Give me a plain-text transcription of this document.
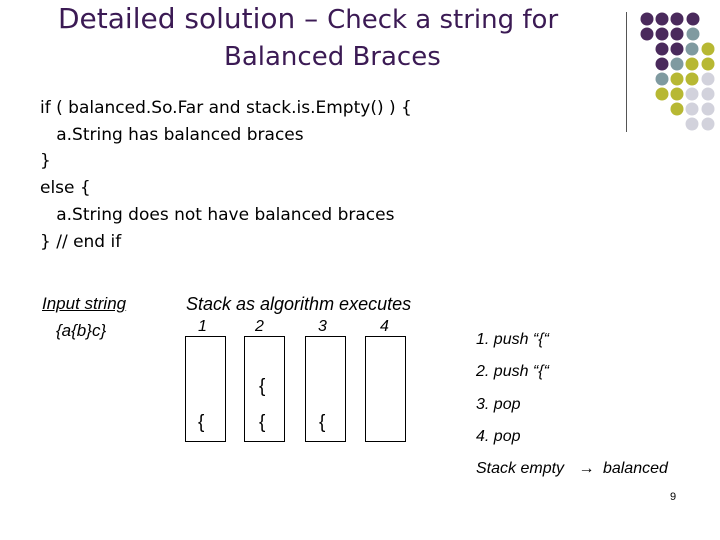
Detailed solution – Check a string for
Balanced Braces
if ( balanced.So.Far and stack.is.Empty() ) {
a.String has balanced braces
}
else {
a.String does not have balanced braces
} // end if
Input string
{a{b}c}
Stack as algorithm executes
1	2	3	4
{	{
{
{
1. push “{“
2. push “{“
3. pop
4. pop
Stack empty → balanced
9
